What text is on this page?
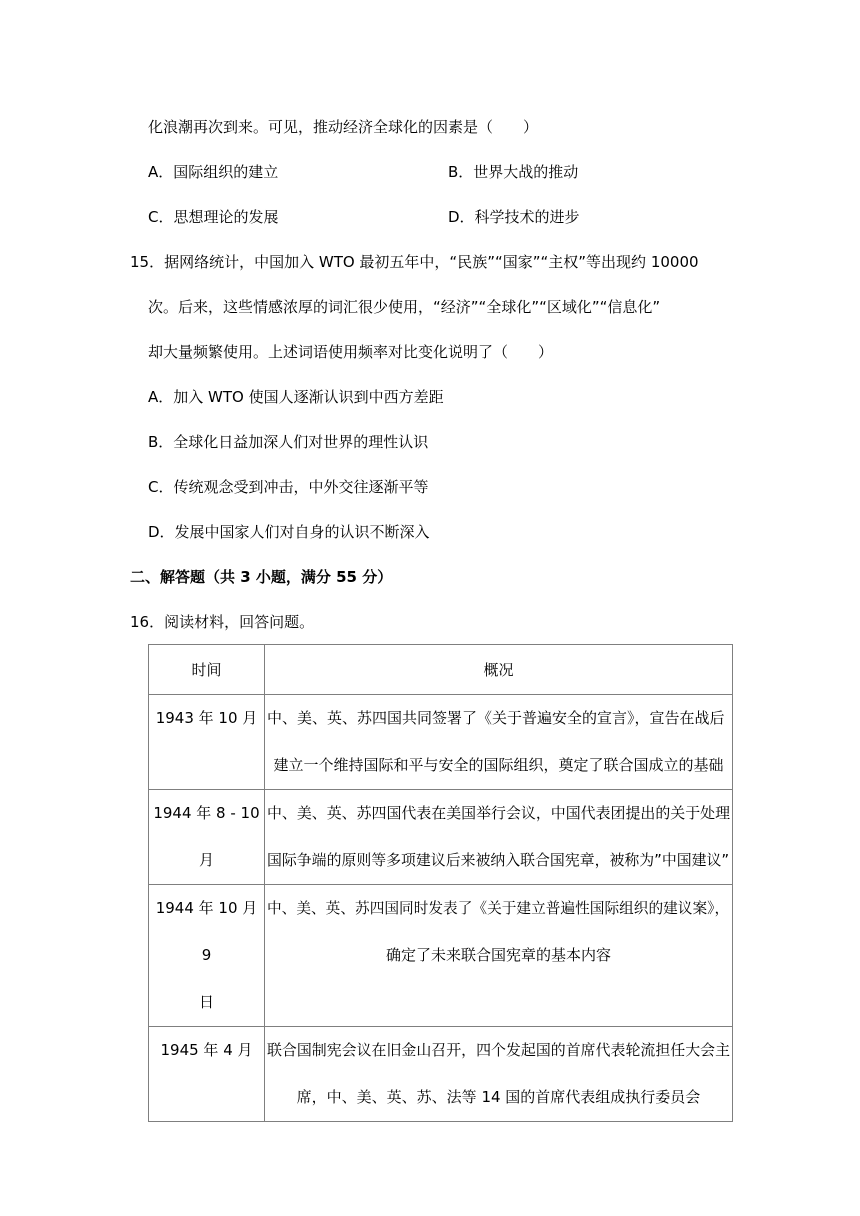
化浪潮再次到来。可见，推动经济全球化的因素是（　　）
A．国际组织的建立	B．世界大战的推动
C．思想理论的发展	D．科学技术的进步
15．据网络统计，中国加入 WTO 最初五年中，“民族”“国家”“主权”等出现约 10000
次。后来，这些情感浓厚的词汇很少使用，“经济”“全球化”“区域化”“信息化”
却大量频繁使用。上述词语使用频率对比变化说明了（　　）
A．加入 WTO 使国人逐渐认识到中西方差距
B．全球化日益加深人们对世界的理性认识
C．传统观念受到冲击，中外交往逐渐平等
D．发展中国家人们对自身的认识不断深入
二、解答题（共 3 小题，满分 55 分）
16．阅读材料，回答问题。
时间	概况

1943 年 10 月	中、美、英、苏四国共同签署了《关于普遍安全的宣言》，宣告在战后
建立一个维持国际和平与安全的国际组织，奠定了联合国成立的基础

1944 年 8 - 10
月	中、美、英、苏四国代表在美国举行会议，中国代表团提出的关于处理
国际争端的原则等多项建议后来被纳入联合国宪章，被称为”中国建议”

1944 年 10 月 9
日	中、美、英、苏四国同时发表了《关于建立普遍性国际组织的建议案》，
确定了未来联合国宪章的基本内容

1945 年 4 月	联合国制宪会议在旧金山召开，四个发起国的首席代表轮流担任大会主
席，中、美、英、苏、法等 14 国的首席代表组成执行委员会
